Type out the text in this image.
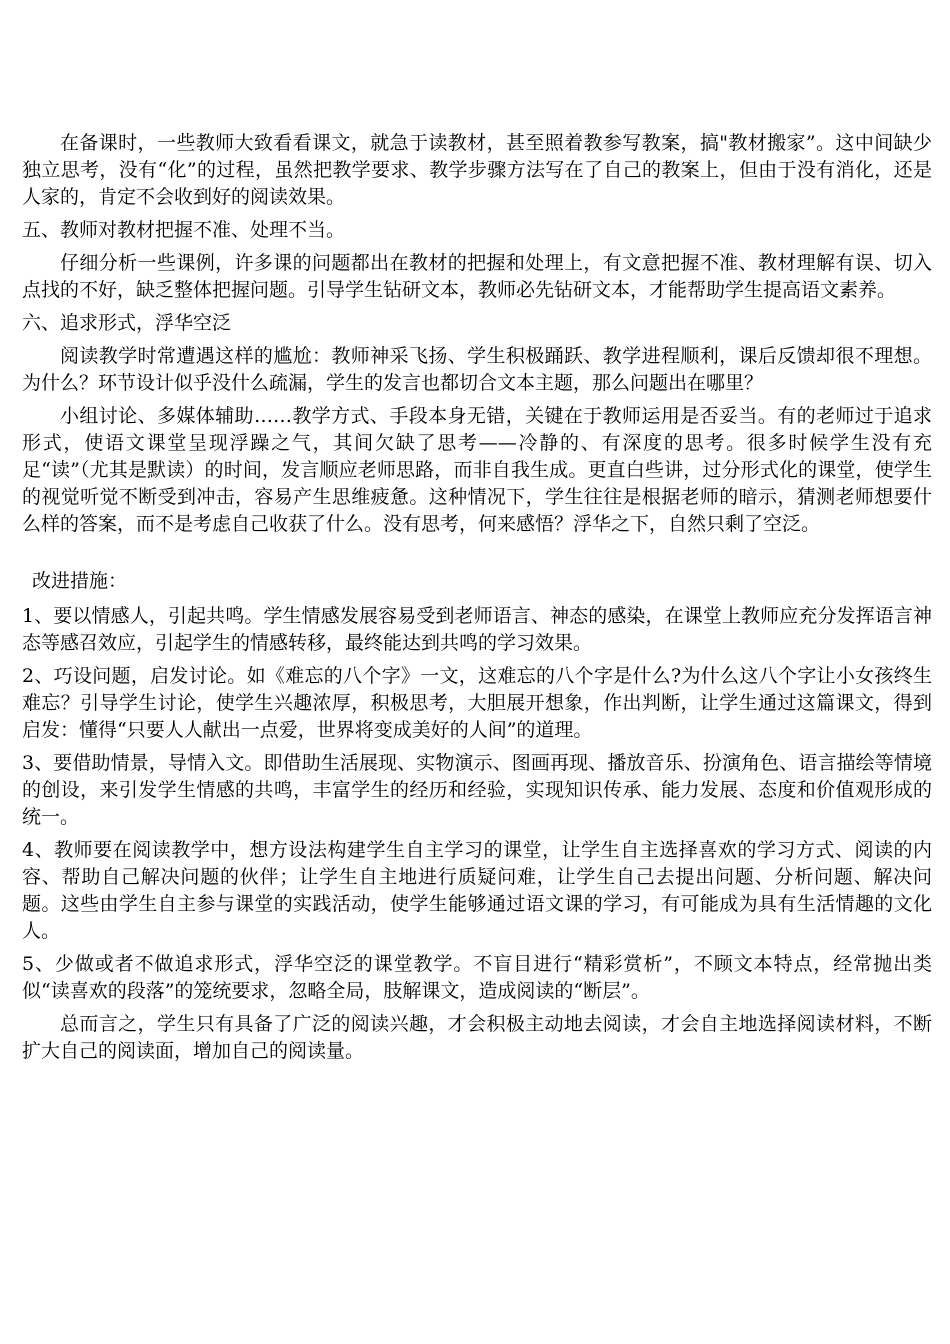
在备课时，一些教师大致看看课文，就急于读教材，甚至照着教参写教案，搞"教材搬家”。这中间缺少独立思考，没有“化”的过程，虽然把教学要求、教学步骤方法写在了自己的教案上，但由于没有消化，还是人家的，肯定不会收到好的阅读效果。

五、教师对教材把握不准、处理不当。

仔细分析一些课例，许多课的问题都出在教材的把握和处理上，有文意把握不准、教材理解有误、切入点找的不好，缺乏整体把握问题。引导学生钻研文本，教师必先钻研文本，才能帮助学生提高语文素养。

六、追求形式，浮华空泛

阅读教学时常遭遇这样的尴尬：教师神采飞扬、学生积极踊跃、教学进程顺利，课后反馈却很不理想。为什么？环节设计似乎没什么疏漏，学生的发言也都切合文本主题，那么问题出在哪里？

小组讨论、多媒体辅助……教学方式、手段本身无错，关键在于教师运用是否妥当。有的老师过于追求形式，使语文课堂呈现浮躁之气，其间欠缺了思考——冷静的、有深度的思考。很多时候学生没有充足“读”（尤其是默读）的时间，发言顺应老师思路，而非自我生成。更直白些讲，过分形式化的课堂，使学生的视觉听觉不断受到冲击，容易产生思维疲惫。这种情况下，学生往往是根据老师的暗示，猜测老师想要什么样的答案，而不是考虑自己收获了什么。没有思考，何来感悟？浮华之下，自然只剩了空泛。

改进措施：

1、要以情感人，引起共鸣。学生情感发展容易受到老师语言、神态的感染，在课堂上教师应充分发挥语言神态等感召效应，引起学生的情感转移，最终能达到共鸣的学习效果。

2、巧设问题，启发讨论。如《难忘的八个字》一文，这难忘的八个字是什么?为什么这八个字让小女孩终生难忘？引导学生讨论，使学生兴趣浓厚，积极思考，大胆展开想象，作出判断，让学生通过这篇课文，得到启发：懂得“只要人人献出一点爱，世界将变成美好的人间”的道理。

3、要借助情景，导情入文。即借助生活展现、实物演示、图画再现、播放音乐、扮演角色、语言描绘等情境的创设，来引发学生情感的共鸣，丰富学生的经历和经验，实现知识传承、能力发展、态度和价值观形成的统一。

4、教师要在阅读教学中，想方设法构建学生自主学习的课堂，让学生自主选择喜欢的学习方式、阅读的内容、帮助自己解决问题的伙伴；让学生自主地进行质疑问难，让学生自己去提出问题、分析问题、解决问题。这些由学生自主参与课堂的实践活动，使学生能够通过语文课的学习，有可能成为具有生活情趣的文化人。

5、少做或者不做追求形式，浮华空泛的课堂教学。不盲目进行“精彩赏析”，不顾文本特点，经常抛出类似“读喜欢的段落”的笼统要求，忽略全局，肢解课文，造成阅读的“断层”。

总而言之，学生只有具备了广泛的阅读兴趣，才会积极主动地去阅读，才会自主地选择阅读材料，不断扩大自己的阅读面，增加自己的阅读量。
